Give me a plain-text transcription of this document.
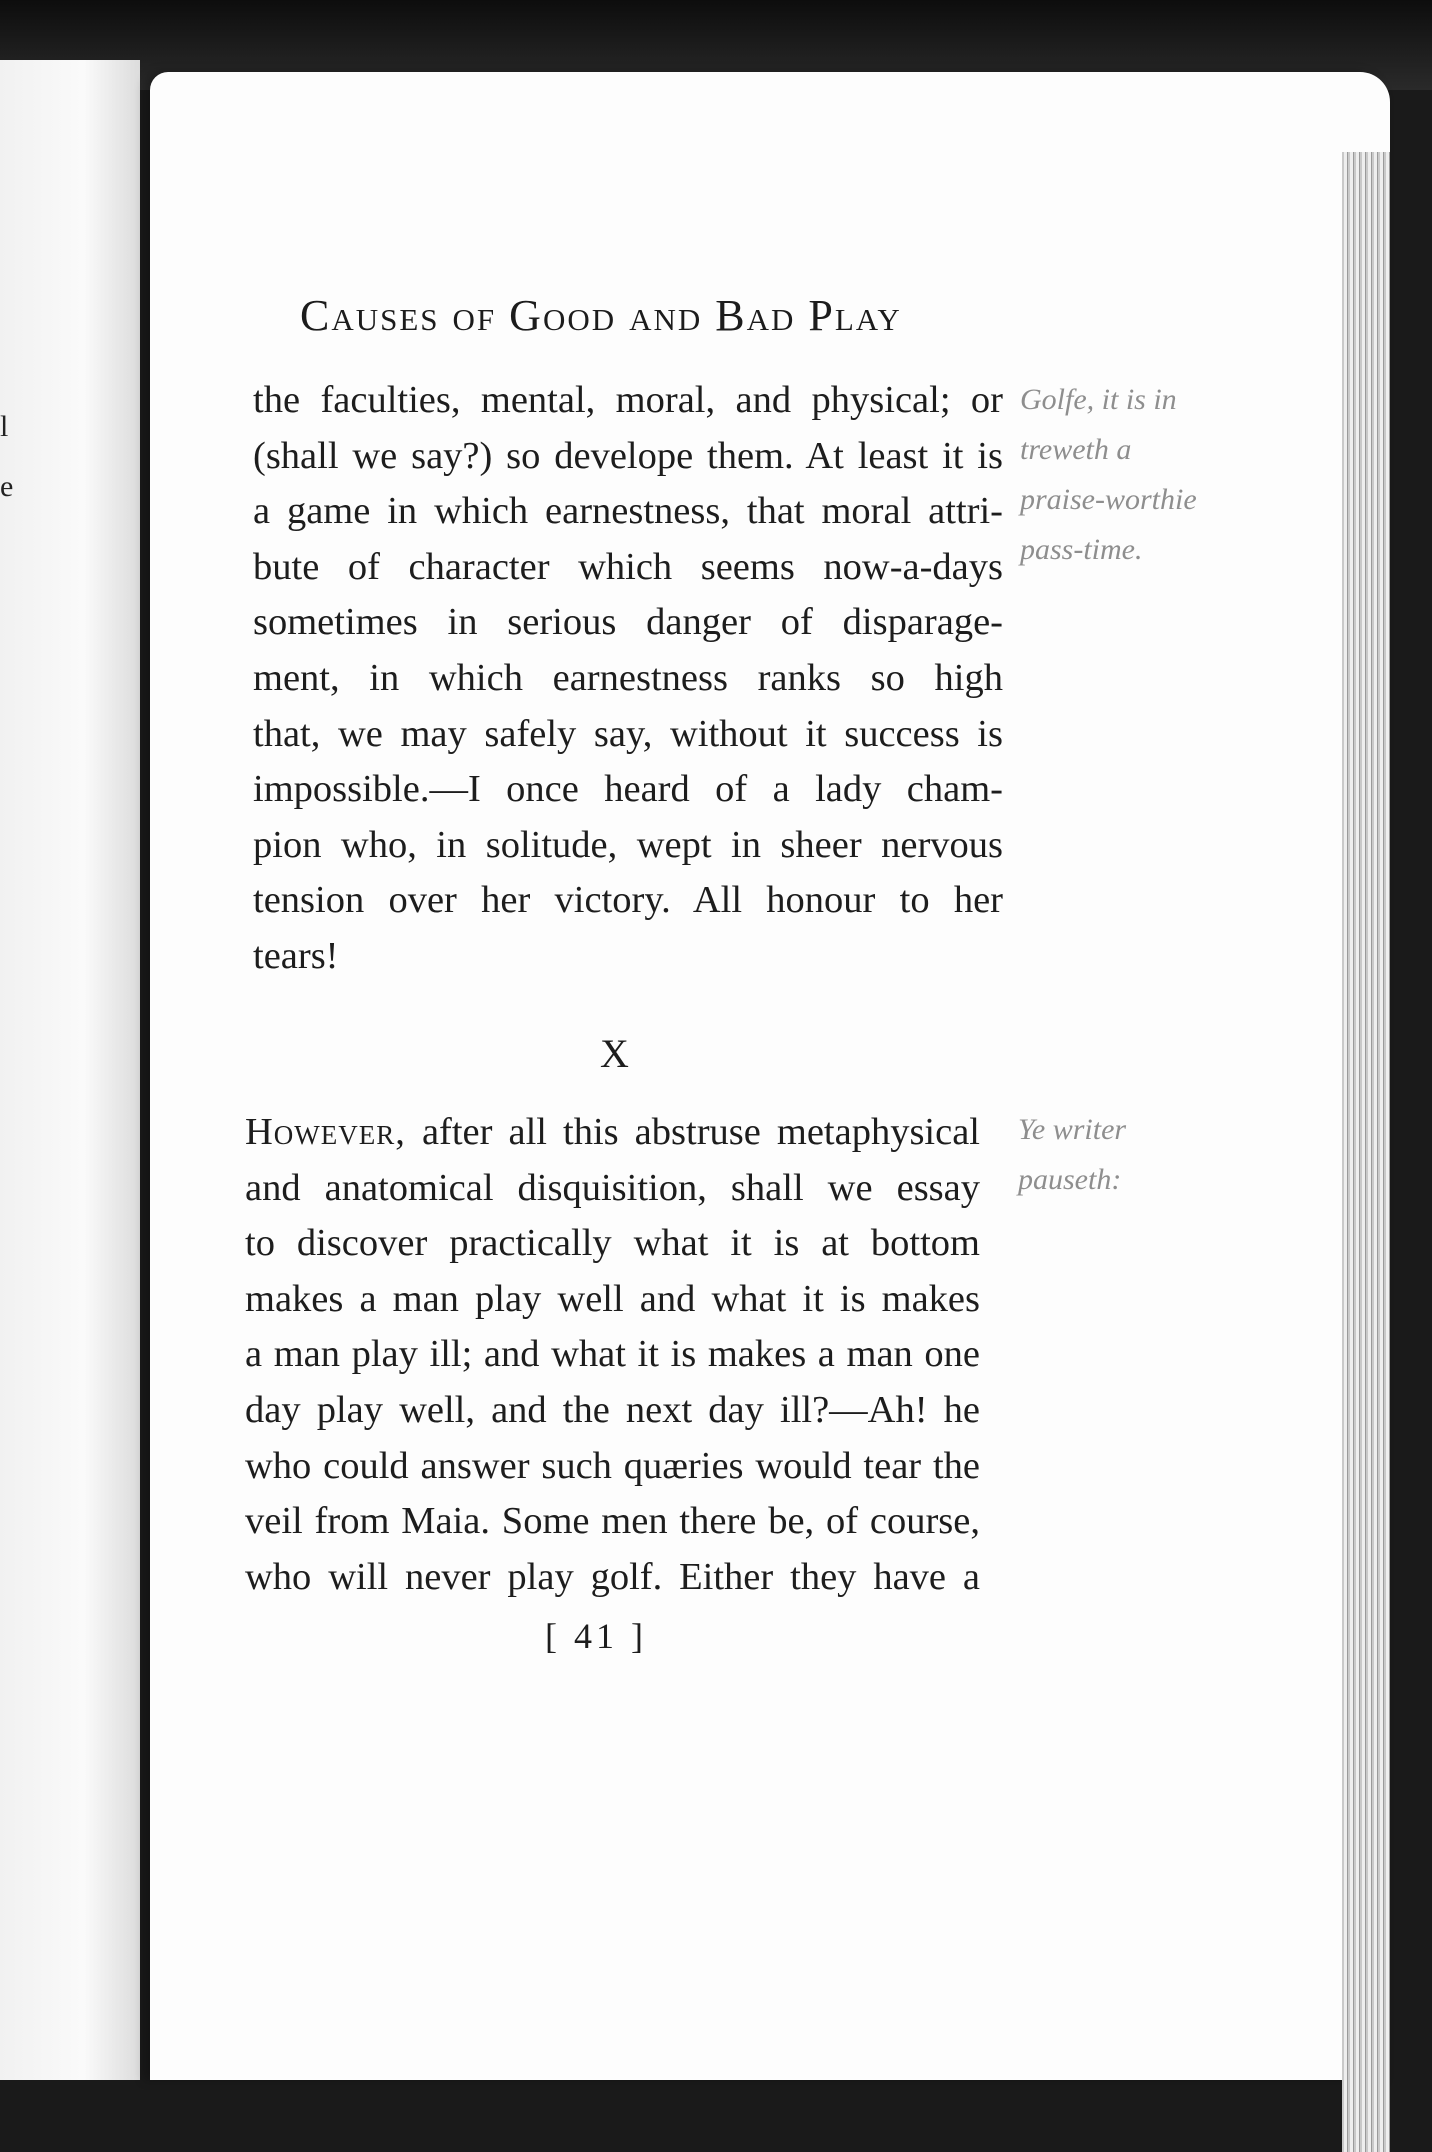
l
e
Causes of Good and Bad Play
the faculties, mental, moral, and physical; or
(shall we say?) so develope them. At least it is
a game in which earnestness, that moral attri-
bute of character which seems now-a-days
sometimes in serious danger of disparage-
ment, in which earnestness ranks so high
that, we may safely say, without it success is
impossible.—I once heard of a lady cham-
pion who, in solitude, wept in sheer nervous
tension over her victory. All honour to her
tears!
X
However, after all this abstruse metaphysical
and anatomical disquisition, shall we essay
to discover practically what it is at bottom
makes a man play well and what it is makes
a man play ill; and what it is makes a man one
day play well, and the next day ill?—Ah! he
who could answer such quæries would tear the
veil from Maia. Some men there be, of course,
who will never play golf. Either they have a
Golfe, it is in
treweth a
praise-worthie
pass-time.
Ye writer
pauseth:
[ 41 ]
